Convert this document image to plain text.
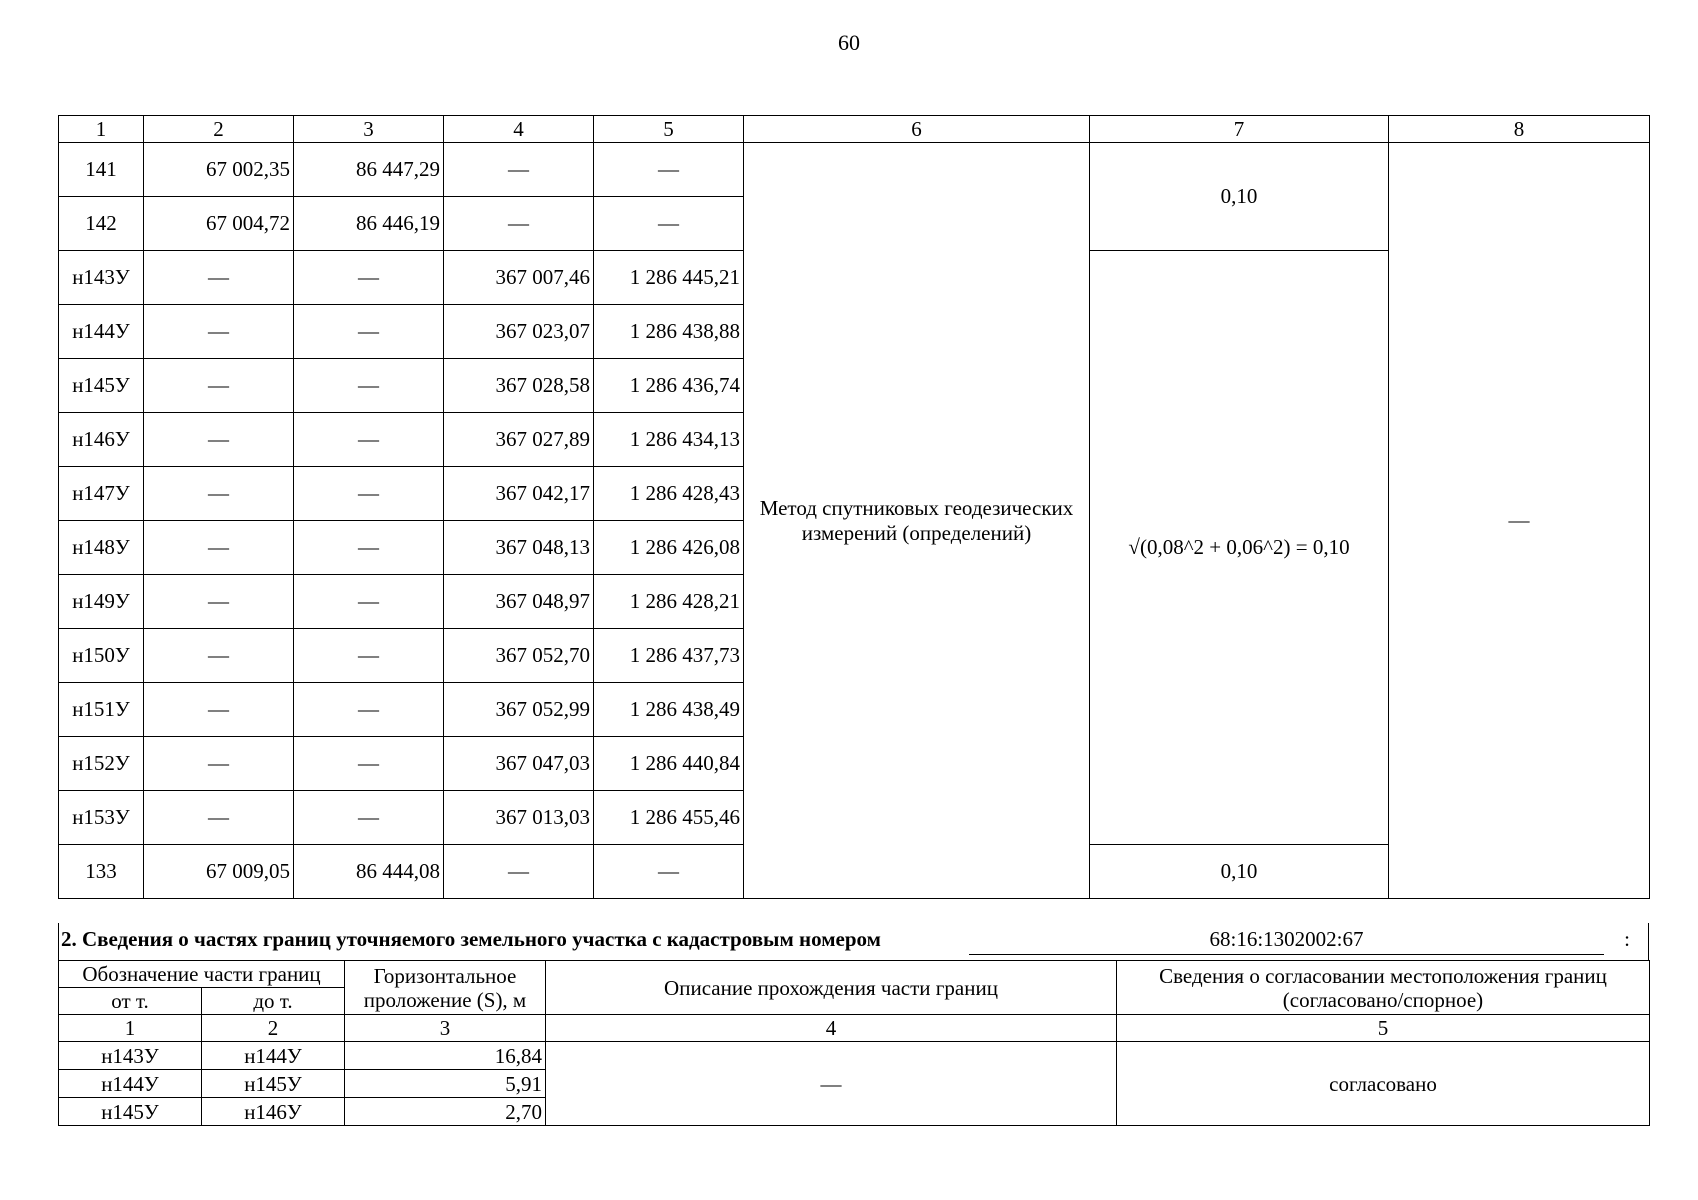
60
1	2	3	4	5	6	7	8
141	67 002,35	86 447,29	—	—	Метод спутниковых геодезических измерений (определений)	0,10	—
142	67 004,72	86 446,19	—	—			
н143У	—	—	367 007,46	1 286 445,21		√(0,08^2 + 0,06^2) = 0,10	
н144У	—	—	367 023,07	1 286 438,88			
н145У	—	—	367 028,58	1 286 436,74			
н146У	—	—	367 027,89	1 286 434,13			
н147У	—	—	367 042,17	1 286 428,43			
н148У	—	—	367 048,13	1 286 426,08			
н149У	—	—	367 048,97	1 286 428,21			
н150У	—	—	367 052,70	1 286 437,73			
н151У	—	—	367 052,99	1 286 438,49			
н152У	—	—	367 047,03	1 286 440,84			
н153У	—	—	367 013,03	1 286 455,46			
133	67 009,05	86 444,08	—	—		0,10	
2. Сведения о частях границ уточняемого земельного участка с кадастровым номером	68:16:1302002:67	:
Обозначение части границ		Горизонтальное проложение (S), м	Описание прохождения части границ	Сведения о согласовании местоположения границ (согласовано/спорное)
от т.	до т.			
1	2	3	4	5
н143У	н144У	16,84	—	согласовано
н144У	н145У	5,91		
н145У	н146У	2,70		
